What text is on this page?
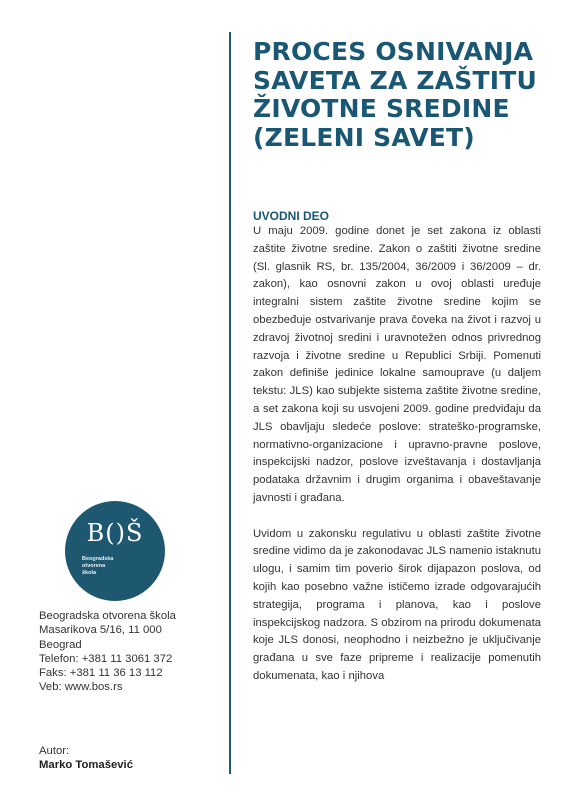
PROCES OSNIVANJA
SAVETA ZA ZAŠTITU
ŽIVOTNE SREDINE
(ZELENI SAVET)
UVODNI DEO

U maju 2009. godine donet je set zakona iz oblasti zaštite životne sredine. Zakon o zaštiti životne sredine (Sl. glasnik RS, br. 135/2004, 36/2009 i 36/2009 – dr. zakon), kao osnovni zakon u ovoj oblasti uređuje integralni sistem zaštite životne sredine kojim se obezbeđuje ostvarivanje prava čoveka na život i razvoj u zdravoj životnoj sredini i uravnotežen odnos privrednog razvoja i životne sredine u Republici Srbiji. Pomenuti zakon definiše jedinice lokalne samouprave (u daljem tekstu: JLS) kao subjekte sistema zaštite životne sredine, a set zakona koji su usvojeni 2009. godine predviđaju da JLS obavljaju sledeće poslove: strateško-programske, normativno-organizacione i upravno-pravne poslove, inspekcijski nadzor, poslove izveštavanja i dostavljanja podataka državnim i drugim organima i obaveštavanje javnosti i građana.

Uvidom u zakonsku regulativu u oblasti zaštite životne sredine vidimo da je zakonodavac JLS namenio istaknutu ulogu, i samim tim poverio širok dijapazon poslova, od kojih kao posebno važne ističemo izrade odgovarajućih strategija, programa i planova, kao i poslove inspekcijskog nadzora. S obzirom na prirodu dokumenata koje JLS donosi, neophodno i neizbežno je uključivanje građana u sve faze pripreme i realizacije pomenutih dokumenata, kao i njihova

B()Š
Beogradska
otvorena
škola
Beogradska otvorena škola
Masarikova 5/16, 11 000
Beograd
Telefon: +381 11 3061 372
Faks: +381 11 36 13 112
Veb: www.bos.rs
Autor:
Marko Tomašević
